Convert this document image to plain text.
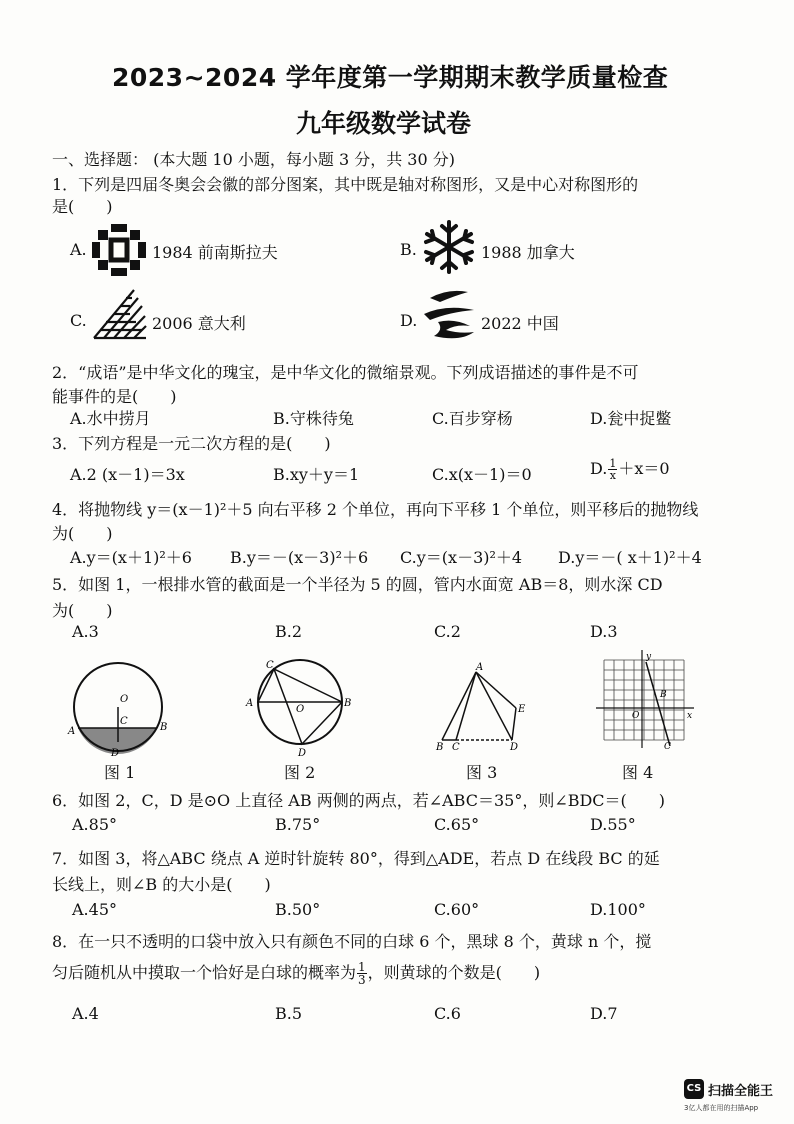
2023~2024 学年度第一学期期末教学质量检查
九年级数学试卷
一、选择题： (本大题 10 小题，每小题 3 分，共 30 分)
1．下列是四届冬奥会会徽的部分图案，其中既是轴对称图形，又是中心对称图形的
是(　　)
A.	1984 前南斯拉夫	B.	1988 加拿大
C.	2006 意大利	D.	2022 中国
2．“成语”是中华文化的瑰宝，是中华文化的微缩景观。下列成语描述的事件是不可
能事件的是(　　)
A.水中捞月	B.守株待兔	C.百步穿杨	D.瓮中捉鳖
3．下列方程是一元二次方程的是(　　)
A.2 (x－1)＝3x	B.xy＋y＝1	C.x(x－1)＝0	D. $\frac{1}{x} +x=0$
4．将抛物线 y＝(x－1)²＋5 向右平移 2 个单位，再向下平移 1 个单位，则平移后的抛物线
为(　　)
A.y＝(x＋1)²＋6 B.y＝－(x－3)²＋6 C.y＝(x－3)²＋4 D.y＝－( x＋1)²＋4
5．如图 1，一根排水管的截面是一个半径为 5 的圆，管内水面宽 AB＝8，则水深 CD
为(　　)
A.3	B.2	C.2	D.3
O
C
A	B
D
图 1
C
A
O
B
D
图 2
A
E
B C	D
图 3
y
x
O
B
C
图 4
6．如图 2，C，D 是⊙O 上直径 AB 两侧的两点，若∠ABC＝35°，则∠BDC＝(　　)
A.85°	B.75°	C.65°	D.55°
7．如图 3，将△ABC 绕点 A 逆时针旋转 80°，得到△ADE，若点 D 在线段 BC 的延
长线上，则∠B 的大小是(　　)
A.45°	B.50°	C.60°	D.100°
8．在一只不透明的口袋中放入只有颜色不同的白球 6 个，黑球 8 个，黄球 n 个，搅
匀后随机从中摸取一个恰好是白球的概率为 $\frac{1}{3}$ ，则黄球的个数是(　　)
A.4	B.5	C.6	D.7
CS 扫描全能王
3亿人都在用的扫描App
